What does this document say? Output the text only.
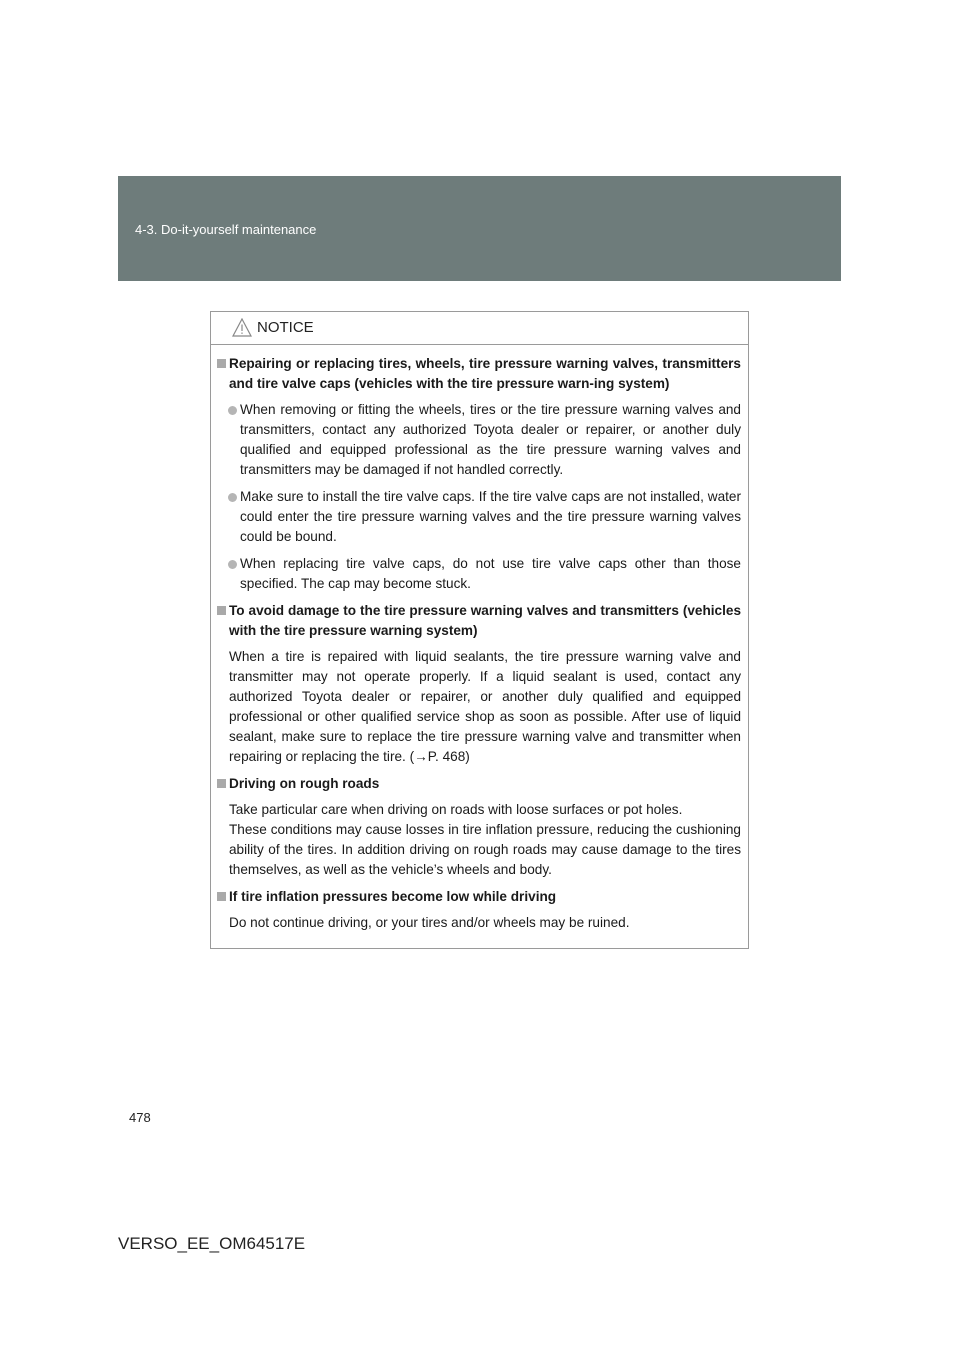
4-3. Do-it-yourself maintenance
NOTICE
Repairing or replacing tires, wheels, tire pressure warning valves, transmitters and tire valve caps (vehicles with the tire pressure warn-ing system)
When removing or fitting the wheels, tires or the tire pressure warning valves and transmitters, contact any authorized Toyota dealer or repairer, or another duly qualified and equipped professional as the tire pressure warning valves and transmitters may be damaged if not handled correctly.
Make sure to install the tire valve caps. If the tire valve caps are not installed, water could enter the tire pressure warning valves and the tire pressure warning valves could be bound.
When replacing tire valve caps, do not use tire valve caps other than those specified. The cap may become stuck.
To avoid damage to the tire pressure warning valves and transmitters (vehicles with the tire pressure warning system)
When a tire is repaired with liquid sealants, the tire pressure warning valve and transmitter may not operate properly. If a liquid sealant is used, contact any authorized Toyota dealer or repairer, or another duly qualified and equipped professional or other qualified service shop as soon as possible. After use of liquid sealant, make sure to replace the tire pressure warning valve and transmitter when repairing or replacing the tire. (→P. 468)
Driving on rough roads
Take particular care when driving on roads with loose surfaces or pot holes.
These conditions may cause losses in tire inflation pressure, reducing the cushioning ability of the tires. In addition driving on rough roads may cause damage to the tires themselves, as well as the vehicle’s wheels and body.
If tire inflation pressures become low while driving
Do not continue driving, or your tires and/or wheels may be ruined.
478
VERSO_EE_OM64517E
